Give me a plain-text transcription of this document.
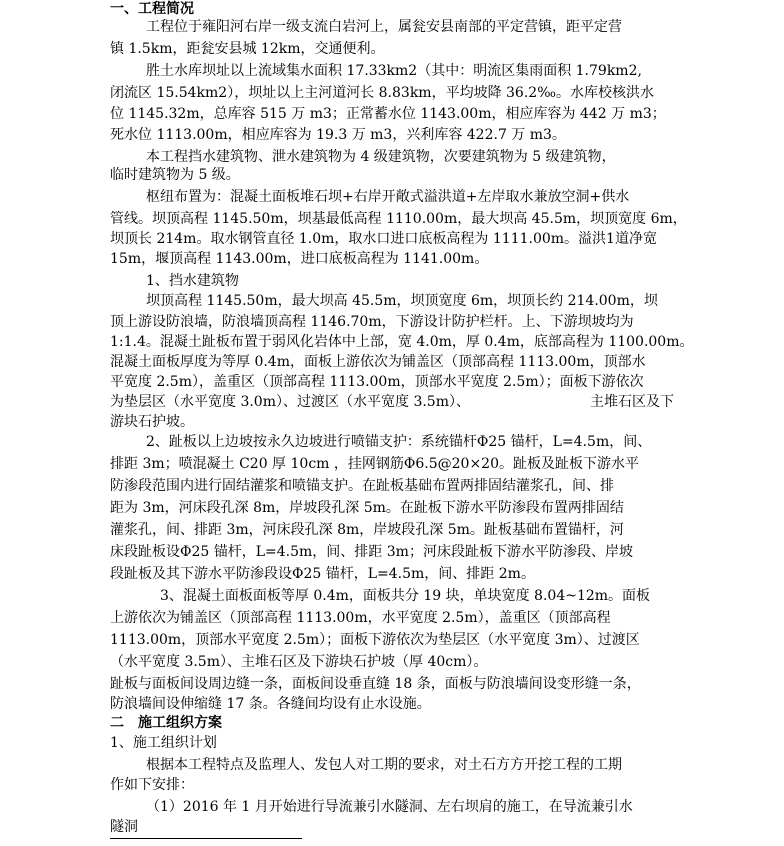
一、工程简况
工程位于雍阳河右岸一级支流白岩河上，属瓮安县南部的平定营镇，距平定营
镇 1.5km，距瓮安县城 12km，交通便利。
胜土水库坝址以上流域集水面积 17.33km2（其中：明流区集雨面积 1.79km2,
闭流区 15.54km2），坝址以上主河道河长 8.83km，平均坡降 36.2‰。水库校核洪水
位 1145.32m，总库容 515 万 m3；正常蓄水位 1143.00m，相应库容为 442 万 m3；
死水位 1113.00m，相应库容为 19.3 万 m3，兴利库容 422.7 万 m3。
本工程挡水建筑物、泄水建筑物为 4 级建筑物，次要建筑物为 5 级建筑物，
临时建筑物为 5 级。
枢纽布置为：混凝土面板堆石坝+右岸开敞式溢洪道+左岸取水兼放空洞+供水
管线。坝顶高程 1145.50m，坝基最低高程 1110.00m，最大坝高 45.5m，坝顶宽度 6m，
坝顶长 214m。取水钢管直径 1.0m，取水口进口底板高程为 1111.00m。溢洪1道净宽
15m，堰顶高程 1143.00m，进口底板高程为 1141.00m。
1、挡水建筑物
坝顶高程 1145.50m，最大坝高 45.5m，坝顶宽度 6m，坝顶长约 214.00m，坝
顶上游设防浪墙，防浪墙顶高程 1146.70m，下游设计防护栏杆。上、下游坝坡均为
1:1.4。混凝土趾板布置于弱风化岩体中上部，宽 4.0m，厚 0.4m，底部高程为 1100.00m。
混凝土面板厚度为等厚 0.4m，面板上游依次为铺盖区（顶部高程 1113.00m，顶部水
平宽度 2.5m），盖重区（顶部高程 1113.00m，顶部水平宽度 2.5m）；面板下游依次
为垫层区（水平宽度 3.0m）、过渡区（水平宽度 3.5m）、	主堆石区及下
游块石护坡。
2、趾板以上边坡按永久边坡进行喷锚支护：系统锚杆Φ25 锚杆，L=4.5m，间、
排距 3m；喷混凝土 C20 厚 10cm ，挂网钢筋Φ6.5@20×20。趾板及趾板下游水平
防渗段范围内进行固结灌浆和喷锚支护。在趾板基础布置两排固结灌浆孔，间、排
距为 3m，河床段孔深 8m，岸坡段孔深 5m。在趾板下游水平防渗段布置两排固结
灌浆孔，间、排距 3m，河床段孔深 8m，岸坡段孔深 5m。趾板基础布置锚杆，河
床段趾板设Φ25 锚杆，L=4.5m，间、排距 3m；河床段趾板下游水平防渗段、岸坡
段趾板及其下游水平防渗段设Φ25 锚杆，L=4.5m，间、排距 2m。
3、混凝土面板面板等厚 0.4m，面板共分 19 块，单块宽度 8.04~12m。面板
上游依次为铺盖区（顶部高程 1113.00m，水平宽度 2.5m），盖重区（顶部高程
1113.00m，顶部水平宽度 2.5m）；面板下游依次为垫层区（水平宽度 3m）、过渡区
（水平宽度 3.5m）、主堆石区及下游块石护坡（厚 40cm）。
趾板与面板间设周边缝一条，面板间设垂直缝 18 条，面板与防浪墙间设变形缝一条，
防浪墙间设伸缩缝 17 条。各缝间均设有止水设施。
二　施工组织方案
1、施工组织计划
根据本工程特点及监理人、发包人对工期的要求，对土石方方开挖工程的工期
作如下安排：
（1）2016 年 1 月开始进行导流兼引水隧洞、左右坝肩的施工，在导流兼引水
隧洞
